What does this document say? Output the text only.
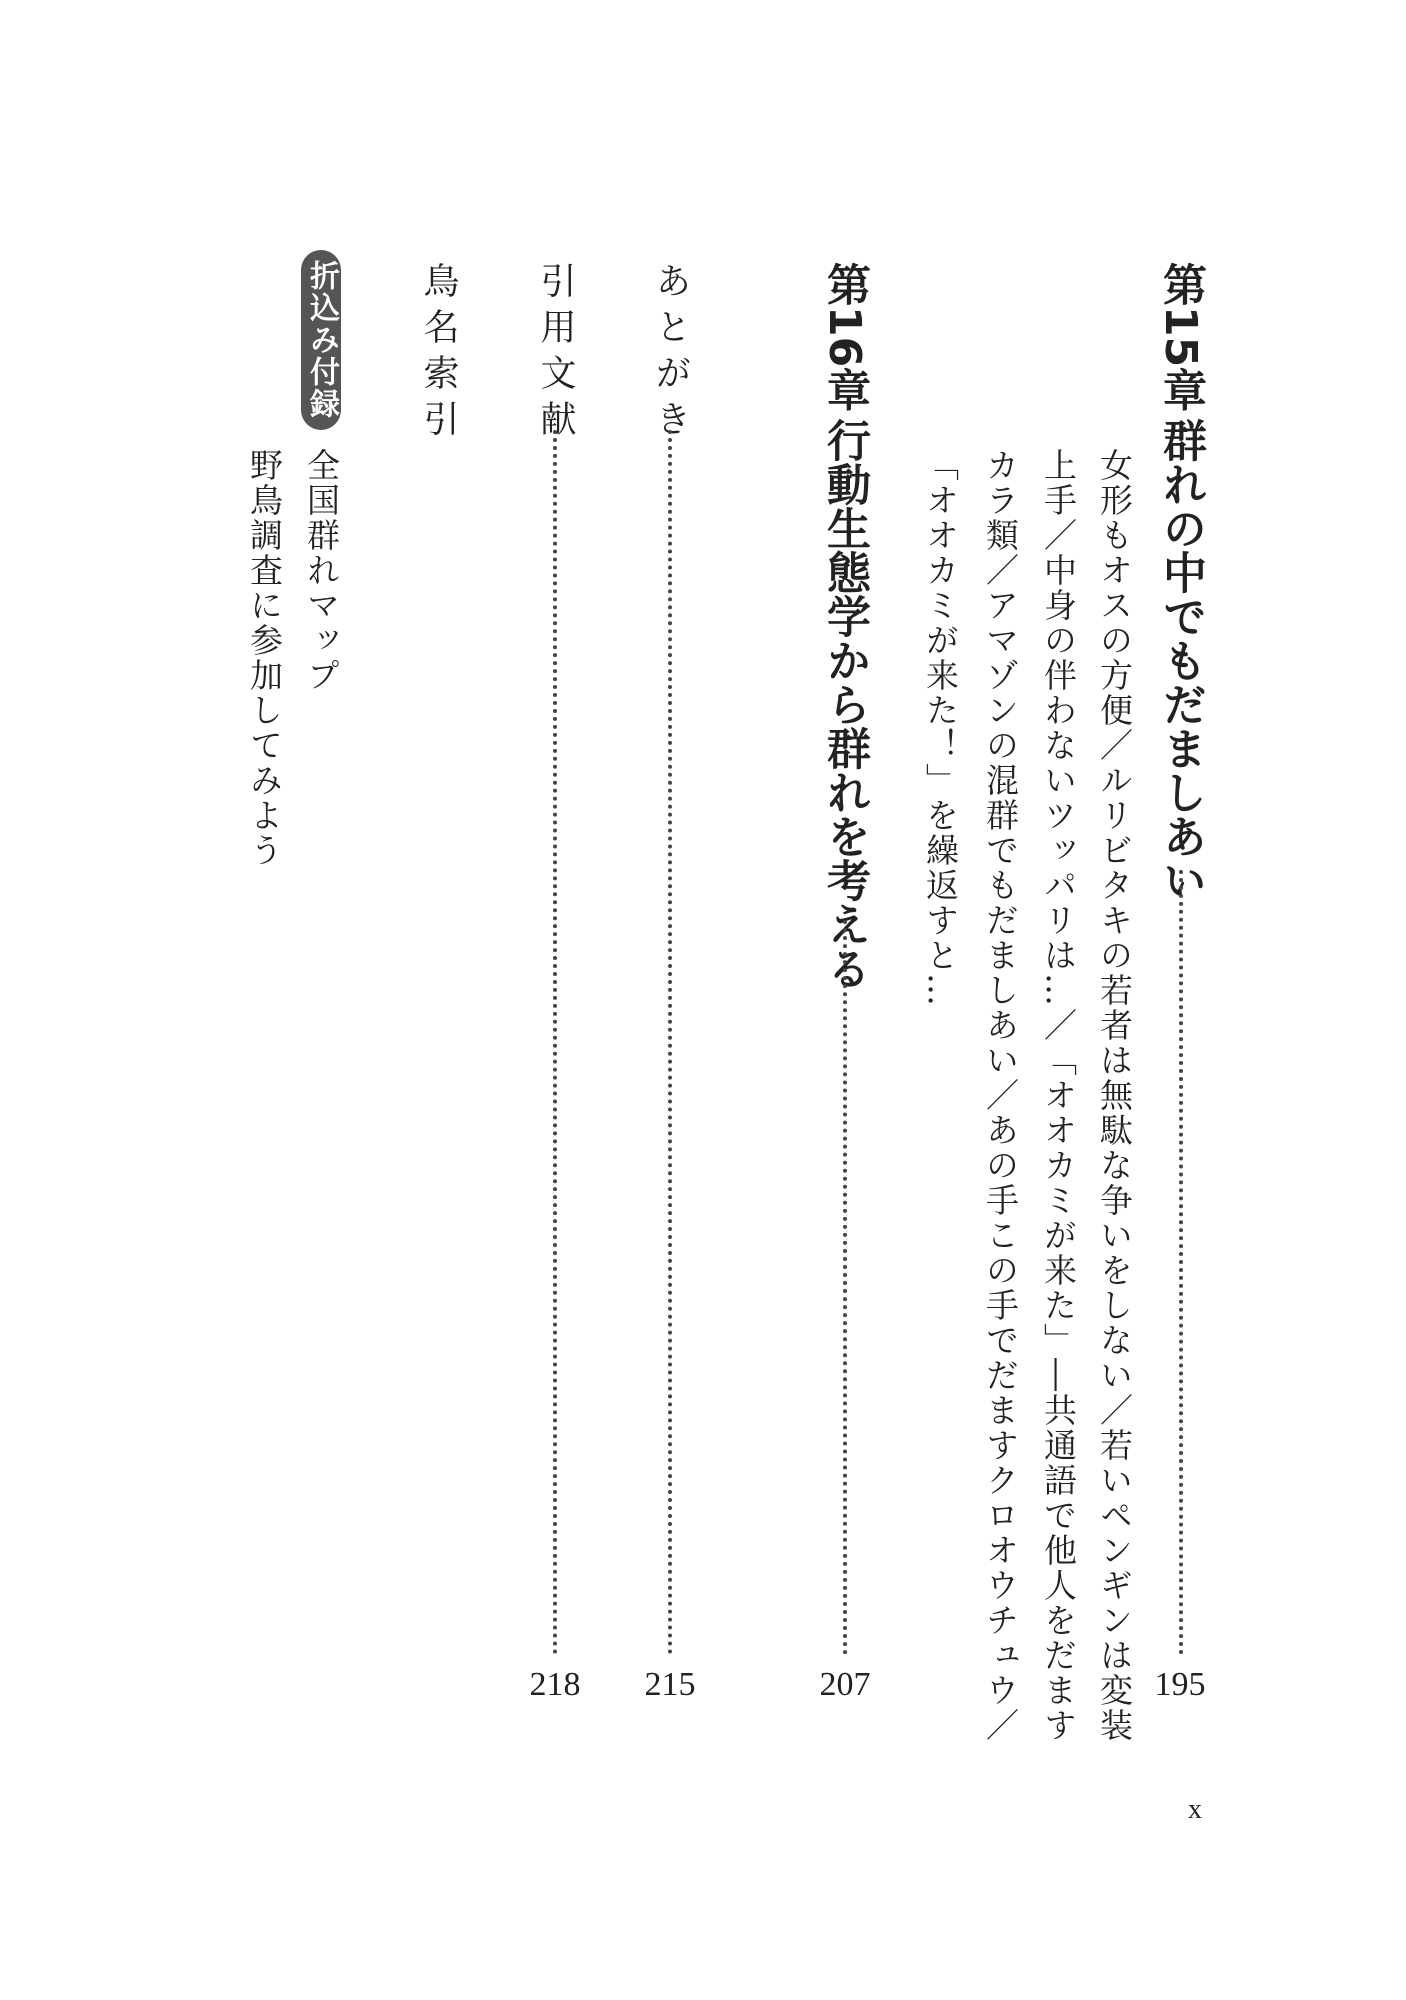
第15章
群れの中でもだましあい
195
女形もオスの方便／ルリビタキの若者は無駄な争いをしない／若いペンギンは変装
上手／中身の伴わないツッパリは…／「オオカミが来た」―共通語で他人をだます
カラ類／アマゾンの混群でもだましあい／あの手この手でだますクロオウチュウ／
「オオカミが来た！」を繰返すと…
第16章
行動生態学から群れを考える
207
あとがき
215
引用文献
218
鳥名索引
折込み付録
全国群れマップ
野鳥調査に参加してみよう
x
